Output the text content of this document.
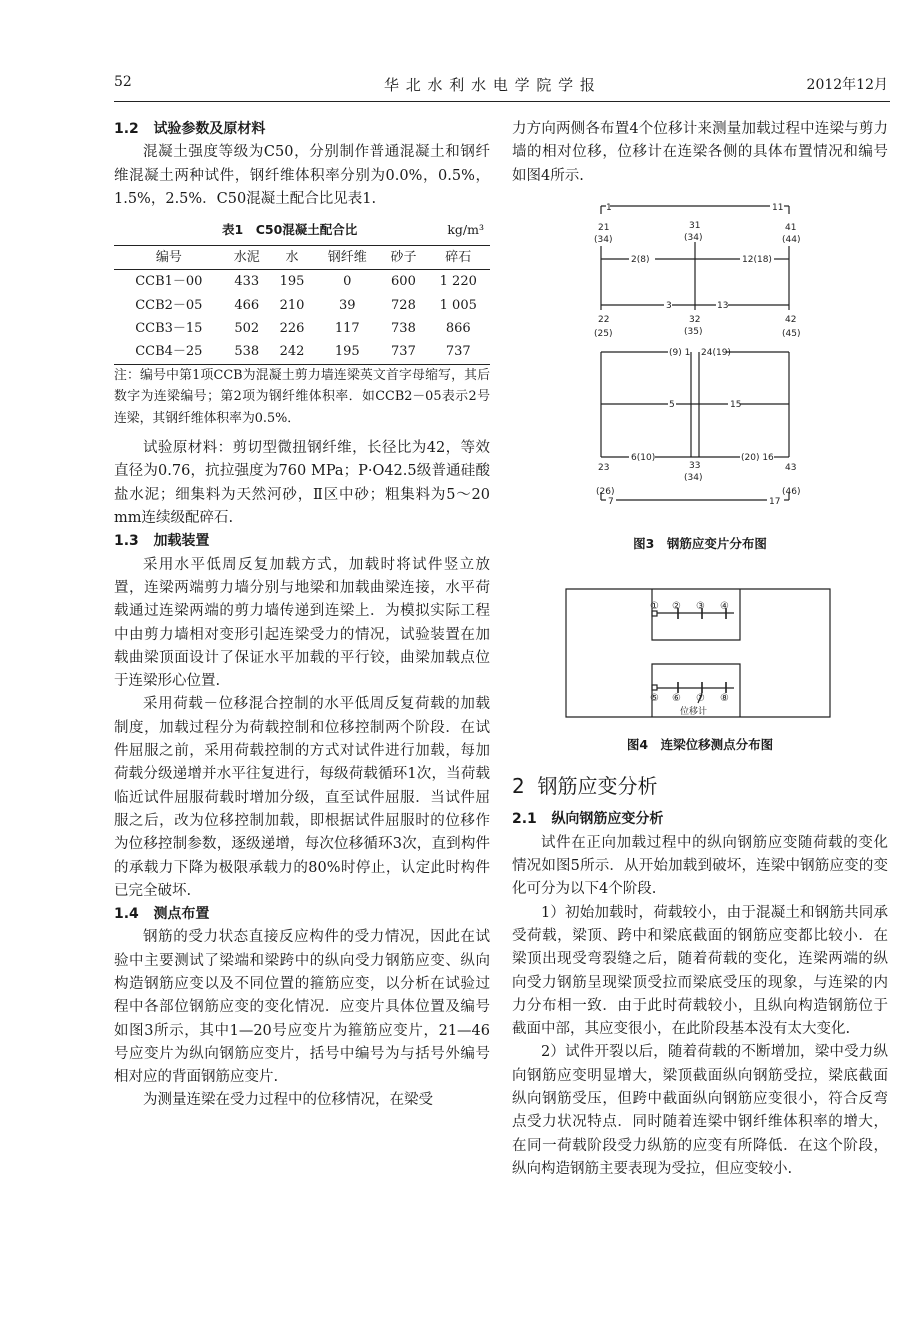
52	华 北 水 利 水 电 学 院 学 报	2012年12月
1.2 试验参数及原材料

混凝土强度等级为C50，分别制作普通混凝土和钢纤维混凝土两种试件，钢纤维体积率分别为0.0%，0.5%，1.5%，2.5%．C50混凝土配合比见表1.

表1　C50混凝土配合比	kg/m³
编号	水泥	水	钢纤维	砂子	碎石
CCB1－00	433	195	0	600	1 220
CCB2－05	466	210	39	728	1 005
CCB3－15	502	226	117	738	866
CCB4－25	538	242	195	737	737

注：编号中第1项CCB为混凝土剪力墙连梁英文首字母缩写，其后数字为连梁编号；第2项为钢纤维体积率．如CCB2－05表示2号连梁，其钢纤维体积率为0.5%．

试验原材料：剪切型微扭钢纤维，长径比为42，等效直径为0.76，抗拉强度为760 MPa；P·O42.5级普通硅酸盐水泥；细集料为天然河砂，Ⅱ区中砂；粗集料为5～20 mm连续级配碎石.

1.3 加载装置

采用水平低周反复加载方式，加载时将试件竖立放置，连梁两端剪力墙分别与地梁和加载曲梁连接，水平荷载通过连梁两端的剪力墙传递到连梁上．为模拟实际工程中由剪力墙相对变形引起连梁受力的情况，试验装置在加载曲梁顶面设计了保证水平加载的平行铰，曲梁加载点位于连梁形心位置.

采用荷载－位移混合控制的水平低周反复荷载的加载制度，加载过程分为荷载控制和位移控制两个阶段．在试件屈服之前，采用荷载控制的方式对试件进行加载，每加荷载分级递增并水平往复进行，每级荷载循环1次，当荷载临近试件屈服荷载时增加分级，直至试件屈服．当试件屈服之后，改为位移控制加载，即根据试件屈服时的位移作为位移控制参数，逐级递增，每次位移循环3次，直到构件的承载力下降为极限承载力的80%时停止，认定此时构件已完全破坏.

1.4 测点布置

钢筋的受力状态直接反应构件的受力情况，因此在试验中主要测试了梁端和梁跨中的纵向受力钢筋应变、纵向构造钢筋应变以及不同位置的箍筋应变，以分析在试验过程中各部位钢筋应变的变化情况．应变片具体位置及编号如图3所示，其中1—20号应变片为箍筋应变片，21—46号应变片为纵向钢筋应变片，括号中编号为与括号外编号相对应的背面钢筋应变片.

为测量连梁在受力过程中的位移情况，在梁受

力方向两侧各布置4个位移计来测量加载过程中连梁与剪力墙的相对位移，位移计在连梁各侧的具体布置情况和编号如图4所示.

1	11
21
(34)
31
(34)
41
(44)
2(8)	12(18)
3	13
22
(25)
32
(35)
42
(45)
(9) 1 24(19)
5	15
6(10)	(20) 16
23
(26)
33
(34)
43
(46)
7	17
图3　钢筋应变片分布图
① ② ③ ④
⑤ ⑥ ⑦ ⑧
位移计
图4　连梁位移测点分布图
2 钢筋应变分析
2.1 纵向钢筋应变分析

试件在正向加载过程中的纵向钢筋应变随荷载的变化情况如图5所示．从开始加载到破坏，连梁中钢筋应变的变化可分为以下4个阶段.

1）初始加载时，荷载较小，由于混凝土和钢筋共同承受荷载，梁顶、跨中和梁底截面的钢筋应变都比较小．在梁顶出现受弯裂缝之后，随着荷载的变化，连梁两端的纵向受力钢筋呈现梁顶受拉而梁底受压的现象，与连梁的内力分布相一致．由于此时荷载较小，且纵向构造钢筋位于截面中部，其应变很小，在此阶段基本没有太大变化.

2）试件开裂以后，随着荷载的不断增加，梁中受力纵向钢筋应变明显增大，梁顶截面纵向钢筋受拉，梁底截面纵向钢筋受压，但跨中截面纵向钢筋应变很小，符合反弯点受力状况特点．同时随着连梁中钢纤维体积率的增大，在同一荷载阶段受力纵筋的应变有所降低．在这个阶段，纵向构造钢筋主要表现为受拉，但应变较小.
